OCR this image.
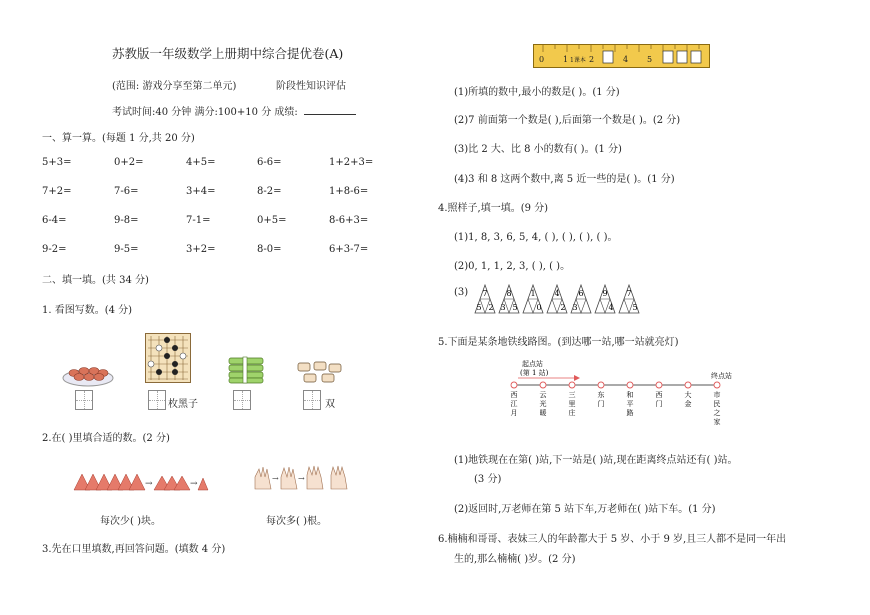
苏教版一年级数学上册期中综合提优卷(A)
(范围: 游戏分享至第二单元)	阶段性知识评估
考试时间:40 分钟 满分:100+10 分 成绩:
一、算一算。(每题 1 分,共 20 分)
5+3=	0+2=	4+5=	6-6=	1+2+3=
7+2=	7-6=	3+4=	8-2=	1+8-6=
6-4=	9-8=	7-1=	0+5=	8-6+3=
9-2=	9-5=	3+2=	8-0=	6+3-7=
二、填一填。(共 34 分)
1. 看图写数。(4 分)
枚黑子	双
2.在( )里填合适的数。(2 分)
→	→
→ →
每次少( )块。	每次多( )根。
3.先在口里填数,再回答问题。(填数 4 分)
0 1 1课本 2	4 5
(1)所填的数中,最小的数是( )。(1 分)
(2)7 前面第一个数是( ),后面第一个数是( )。(2 分)
(3)比 2 大、比 8 小的数有( )。(1 分)
(4)3 和 8 这两个数中,离 5 近一些的是( )。(1 分)
4.照样子,填一填。(9 分)
(1)1, 8, 3, 6, 5, 4, ( ), ( ), ( ), ( )。
(2)0, 1, 1, 2, 3, ( ), ( )。
(3) 7
5 2
8
3 5
1
0
4
2
6
3
9
4
7
5
5.下面是某条地铁线路图。(到达哪一站,哪一站就亮灯)
起点站
(第 1 站)	终点站
西
江
月
云
光
暖
三
里
庄
东
门
和
平
路
西
门
大
金
市
民
之
家
(1)地铁现在在第( )站,下一站是( )站,现在距离终点站还有( )站。
(3 分)
(2)返回时,万老师在第 5 站下车,万老师在( )站下车。(1 分)
6.楠楠和哥哥、表妹三人的年龄都大于 5 岁、小于 9 岁,且三人都不是同一年出
生的,那么楠楠( )岁。(2 分)
